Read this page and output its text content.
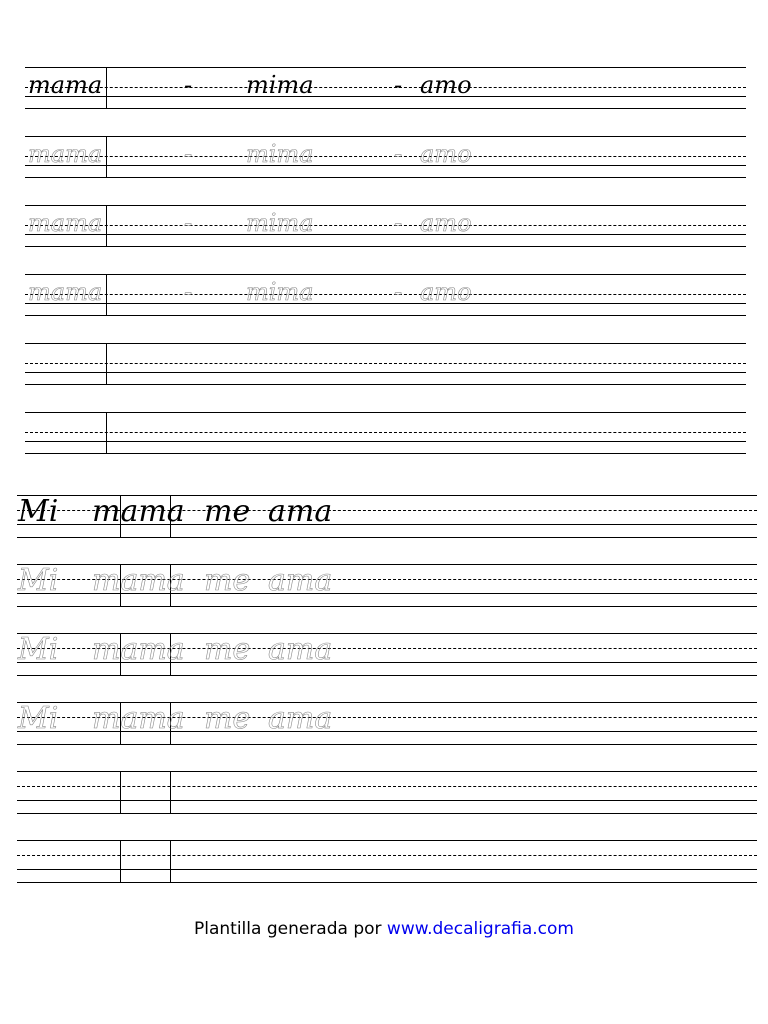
mama	- mima	- amo
mama	- mima	- amo
mama	- mima	- amo
mama	- mima	- amo
Mi mama me ama
Mi mama me ama
Mi mama me ama
Mi mama me ama
Plantilla generada por www.decaligrafia.com
